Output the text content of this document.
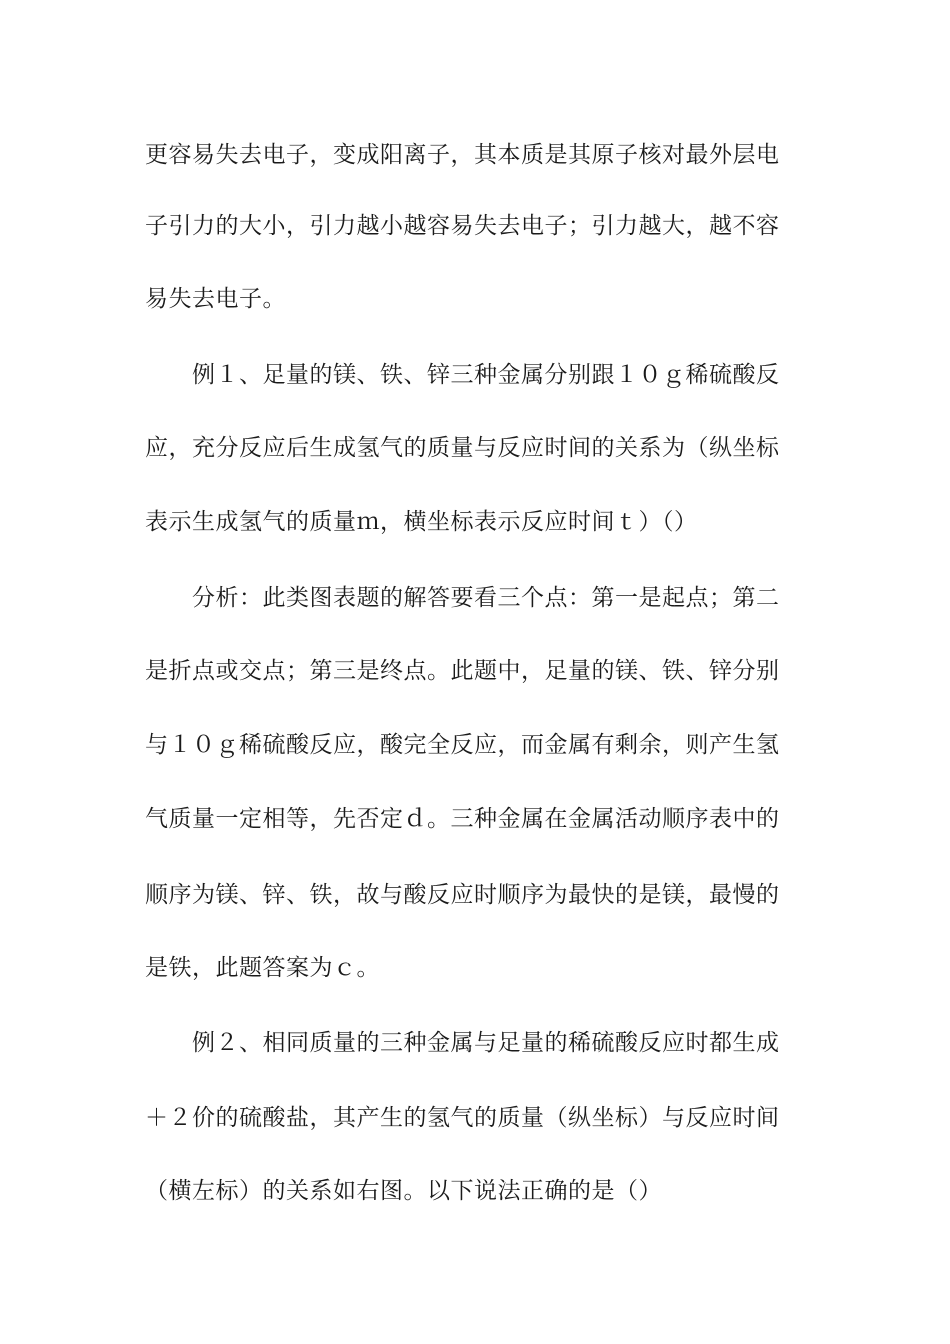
更容易失去电子，变成阳离子，其本质是其原子核对最外层电
子引力的大小，引力越小越容易失去电子；引力越大，越不容
易失去电子。
例１、足量的镁、铁、锌三种金属分别跟１０ｇ稀硫酸反
应，充分反应后生成氢气的质量与反应时间的关系为（纵坐标
表示生成氢气的质量ｍ，横坐标表示反应时间ｔ）（）
分析：此类图表题的解答要看三个点：第一是起点；第二
是折点或交点；第三是终点。此题中，足量的镁、铁、锌分别
与１０ｇ稀硫酸反应，酸完全反应，而金属有剩余，则产生氢
气质量一定相等，先否定ｄ。三种金属在金属活动顺序表中的
顺序为镁、锌、铁，故与酸反应时顺序为最快的是镁，最慢的
是铁，此题答案为ｃ。
例２、相同质量的三种金属与足量的稀硫酸反应时都生成
＋２价的硫酸盐，其产生的氢气的质量（纵坐标）与反应时间
（横左标）的关系如右图。以下说法正确的是（）
